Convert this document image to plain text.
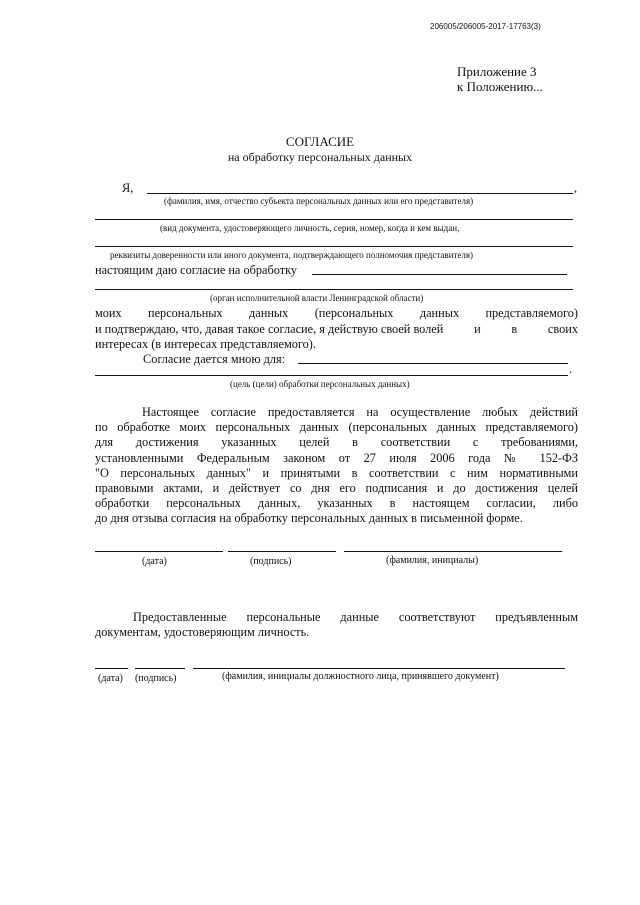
206005/206005-2017-17763(3)
Приложение 3
к Положению...
СОГЛАСИЕ
на обработку персональных данных
Я,	,
(фамилия, имя, отчество субъекта персональных данных или его представителя)
(вид документа, удостоверяющего личность, серия, номер, когда и кем выдан,
реквизиты доверенности или иного документа, подтверждающего полномочия представителя)
настоящим даю согласие на обработку
(орган исполнительной власти Ленинградской области)
моих персональных данных (персональных данных представляемого)
и подтверждаю, что, давая такое согласие, я действую своей волей и в своих
интересах (в интересах представляемого).
Согласие дается мною для:
.
(цель (цели) обработки персональных данных)
Настоящее согласие предоставляется на осуществление любых действий
по обработке моих персональных данных (персональных данных представляемого)
для достижения указанных целей в соответствии с требованиями,
установленными Федеральным законом от 27 июля 2006 года № 152-ФЗ
"О персональных данных" и принятыми в соответствии с ним нормативными
правовыми актами, и действует со дня его подписания и до достижения целей
обработки персональных данных, указанных в настоящем согласии, либо
до дня отзыва согласия на обработку персональных данных в письменной форме.
(дата)	(подпись)	(фамилия, инициалы)
Предоставленные персональные данные соответствуют предъявленным
документам, удостоверяющим личность.
(дата) (подпись)	(фамилия, инициалы должностного лица, принявшего документ)
